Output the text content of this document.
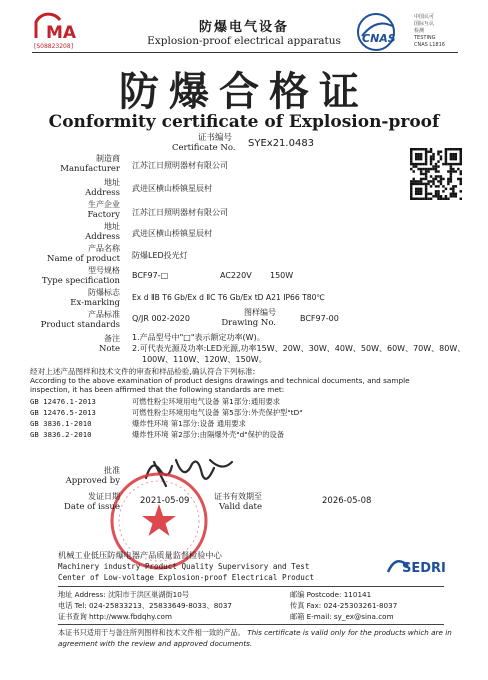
MA
[S08823208]
CNAS
中国认可
国际互认
检测
TESTING
CNAS L1816
防爆电气设备
Explosion-proof electrical apparatus
防爆合格证
Conformity certificate of Explosion-proof
证书编号
Certificate No. SYEx21.0483
制造商
Manufacturer 江苏江日照明器材有限公司
地址
Address 武进区横山桥镇星辰村
生产企业
Factory 江苏江日照明器材有限公司
地址
Address 武进区横山桥镇星辰村
产品名称
Name of product 防爆LED投光灯
型号规格
Type specification
BCF97-□	AC220V 150W
防爆标志
Ex-marking
Ex d ⅡB T6 Gb/Ex d ⅡC T6 Gb/Ex tD A21 IP66 T80℃
产品标准
Product standards
Q/JR 002-2020
图样编号
Drawing No.	BCF97-00
备注
Note
1.产品型号中"□"表示额定功率(W)。
2.可代表光源及功率:LED光源,功率15W、20W、30W、40W、50W、60W、70W、80W、
100W、110W、120W、150W。
经对上述产品图样和技术文件的审查和样品检验,确认符合下列标准:
According to the above examination of product designs drawings and technical documents, and sample
inspection, it has been affirmed that the following standards are met:
GB 12476.1-2013	可燃性粉尘环境用电气设备 第1部分:通用要求
GB 12476.5-2013	可燃性粉尘环境用电气设备 第5部分:外壳保护型"tD"
GB 3836.1-2010	爆炸性环境 第1部分:设备 通用要求
GB 3836.2-2010	爆炸性环境 第2部分:由隔爆外壳"d"保护的设备
批准
Approved by
发证日期
Date of issue
2021-05-09	证书有效期至
Valid date
2026-05-08
机械工业低压防爆电器产品质量监督检验中心
Machinery industry Product Quality Supervisory and Test
Center of Low-voltage Explosion-proof Electrical Product
SEDRI
地址 Address: 沈阳市于洪区巢湖街10号	邮编 Postcode: 110141
电话 Tel: 024-25833213、25833649-8033、8037	传真 Fax: 024-25303261-8037
证书查询 http://www.fbdqhy.com	邮箱 E-mail: sy_ex@sina.com
本证书只适用于与备注所列图样和技术文件相一致的产品。 This certificate is valid only for the products which are in
agreement with the review and approved documents.
